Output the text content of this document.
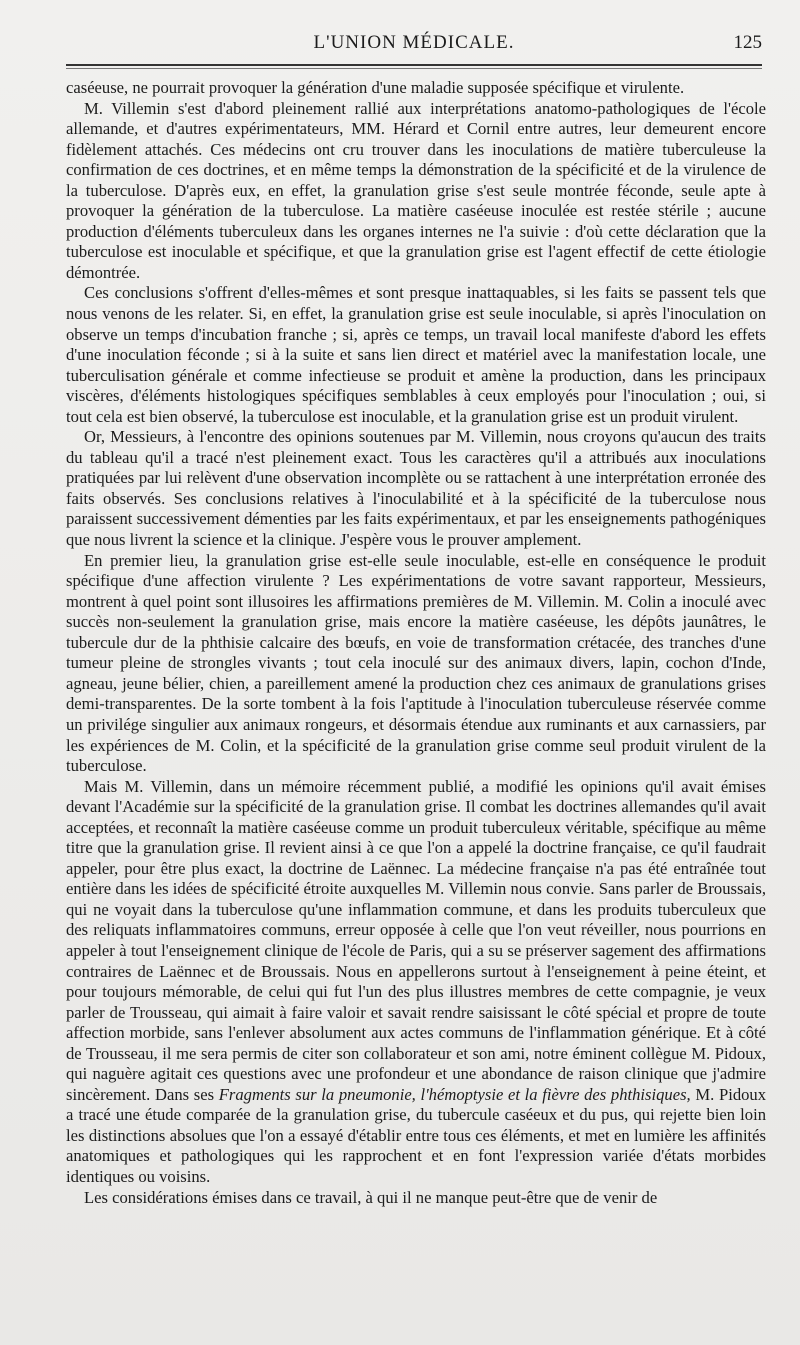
L'UNION MÉDICALE.	125

caséeuse, ne pourrait provoquer la génération d'une maladie supposée spécifique et virulente.

M. Villemin s'est d'abord pleinement rallié aux interprétations anatomo-pathologiques de l'école allemande, et d'autres expérimentateurs, MM. Hérard et Cornil entre autres, leur demeurent encore fidèlement attachés. Ces médecins ont cru trouver dans les inoculations de matière tuberculeuse la confirmation de ces doctrines, et en même temps la démonstration de la spécificité et de la virulence de la tuberculose. D'après eux, en effet, la granulation grise s'est seule montrée féconde, seule apte à provoquer la génération de la tuberculose. La matière caséeuse inoculée est restée stérile ; aucune production d'éléments tuberculeux dans les organes internes ne l'a suivie : d'où cette déclaration que la tuberculose est inoculable et spécifique, et que la granulation grise est l'agent effectif de cette étiologie démontrée.

Ces conclusions s'offrent d'elles-mêmes et sont presque inattaquables, si les faits se passent tels que nous venons de les relater. Si, en effet, la granulation grise est seule inoculable, si après l'inoculation on observe un temps d'incubation franche ; si, après ce temps, un travail local manifeste d'abord les effets d'une inoculation féconde ; si à la suite et sans lien direct et matériel avec la manifestation locale, une tuberculisation générale et comme infectieuse se produit et amène la production, dans les principaux viscères, d'éléments histologiques spécifiques semblables à ceux employés pour l'inoculation ; oui, si tout cela est bien observé, la tuberculose est inoculable, et la granulation grise est un produit virulent.

Or, Messieurs, à l'encontre des opinions soutenues par M. Villemin, nous croyons qu'aucun des traits du tableau qu'il a tracé n'est pleinement exact. Tous les caractères qu'il a attribués aux inoculations pratiquées par lui relèvent d'une observation incomplète ou se rattachent à une interprétation erronée des faits observés. Ses conclusions relatives à l'inoculabilité et à la spécificité de la tuberculose nous paraissent successivement démenties par les faits expérimentaux, et par les enseignements pathogéniques que nous livrent la science et la clinique. J'espère vous le prouver amplement.

En premier lieu, la granulation grise est-elle seule inoculable, est-elle en conséquence le produit spécifique d'une affection virulente ? Les expérimentations de votre savant rapporteur, Messieurs, montrent à quel point sont illusoires les affirmations premières de M. Villemin. M. Colin a inoculé avec succès non-seulement la granulation grise, mais encore la matière caséeuse, les dépôts jaunâtres, le tubercule dur de la phthisie calcaire des bœufs, en voie de transformation crétacée, des tranches d'une tumeur pleine de strongles vivants ; tout cela inoculé sur des animaux divers, lapin, cochon d'Inde, agneau, jeune bélier, chien, a pareillement amené la production chez ces animaux de granulations grises demi-transparentes. De la sorte tombent à la fois l'aptitude à l'inoculation tuberculeuse réservée comme un privilége singulier aux animaux rongeurs, et désormais étendue aux ruminants et aux carnassiers, par les expériences de M. Colin, et la spécificité de la granulation grise comme seul produit virulent de la tuberculose.

Mais M. Villemin, dans un mémoire récemment publié, a modifié les opinions qu'il avait émises devant l'Académie sur la spécificité de la granulation grise. Il combat les doctrines allemandes qu'il avait acceptées, et reconnaît la matière caséeuse comme un produit tuberculeux véritable, spécifique au même titre que la granulation grise. Il revient ainsi à ce que l'on a appelé la doctrine française, ce qu'il faudrait appeler, pour être plus exact, la doctrine de Laënnec. La médecine française n'a pas été entraînée tout entière dans les idées de spécificité étroite auxquelles M. Villemin nous convie. Sans parler de Broussais, qui ne voyait dans la tuberculose qu'une inflammation commune, et dans les produits tuberculeux que des reliquats inflammatoires communs, erreur opposée à celle que l'on veut réveiller, nous pourrions en appeler à tout l'enseignement clinique de l'école de Paris, qui a su se préserver sagement des affirmations contraires de Laënnec et de Broussais. Nous en appellerons surtout à l'enseignement à peine éteint, et pour toujours mémorable, de celui qui fut l'un des plus illustres membres de cette compagnie, je veux parler de Trousseau, qui aimait à faire valoir et savait rendre saisissant le côté spécial et propre de toute affection morbide, sans l'enlever absolument aux actes communs de l'inflammation générique. Et à côté de Trousseau, il me sera permis de citer son collaborateur et son ami, notre éminent collègue M. Pidoux, qui naguère agitait ces questions avec une profondeur et une abondance de raison clinique que j'admire sincèrement. Dans ses Fragments sur la pneumonie, l'hémoptysie et la fièvre des phthisiques, M. Pidoux a tracé une étude comparée de la granulation grise, du tubercule caséeux et du pus, qui rejette bien loin les distinctions absolues que l'on a essayé d'établir entre tous ces éléments, et met en lumière les affinités anatomiques et pathologiques qui les rapprochent et en font l'expression variée d'états morbides identiques ou voisins.

Les considérations émises dans ce travail, à qui il ne manque peut-être que de venir de
